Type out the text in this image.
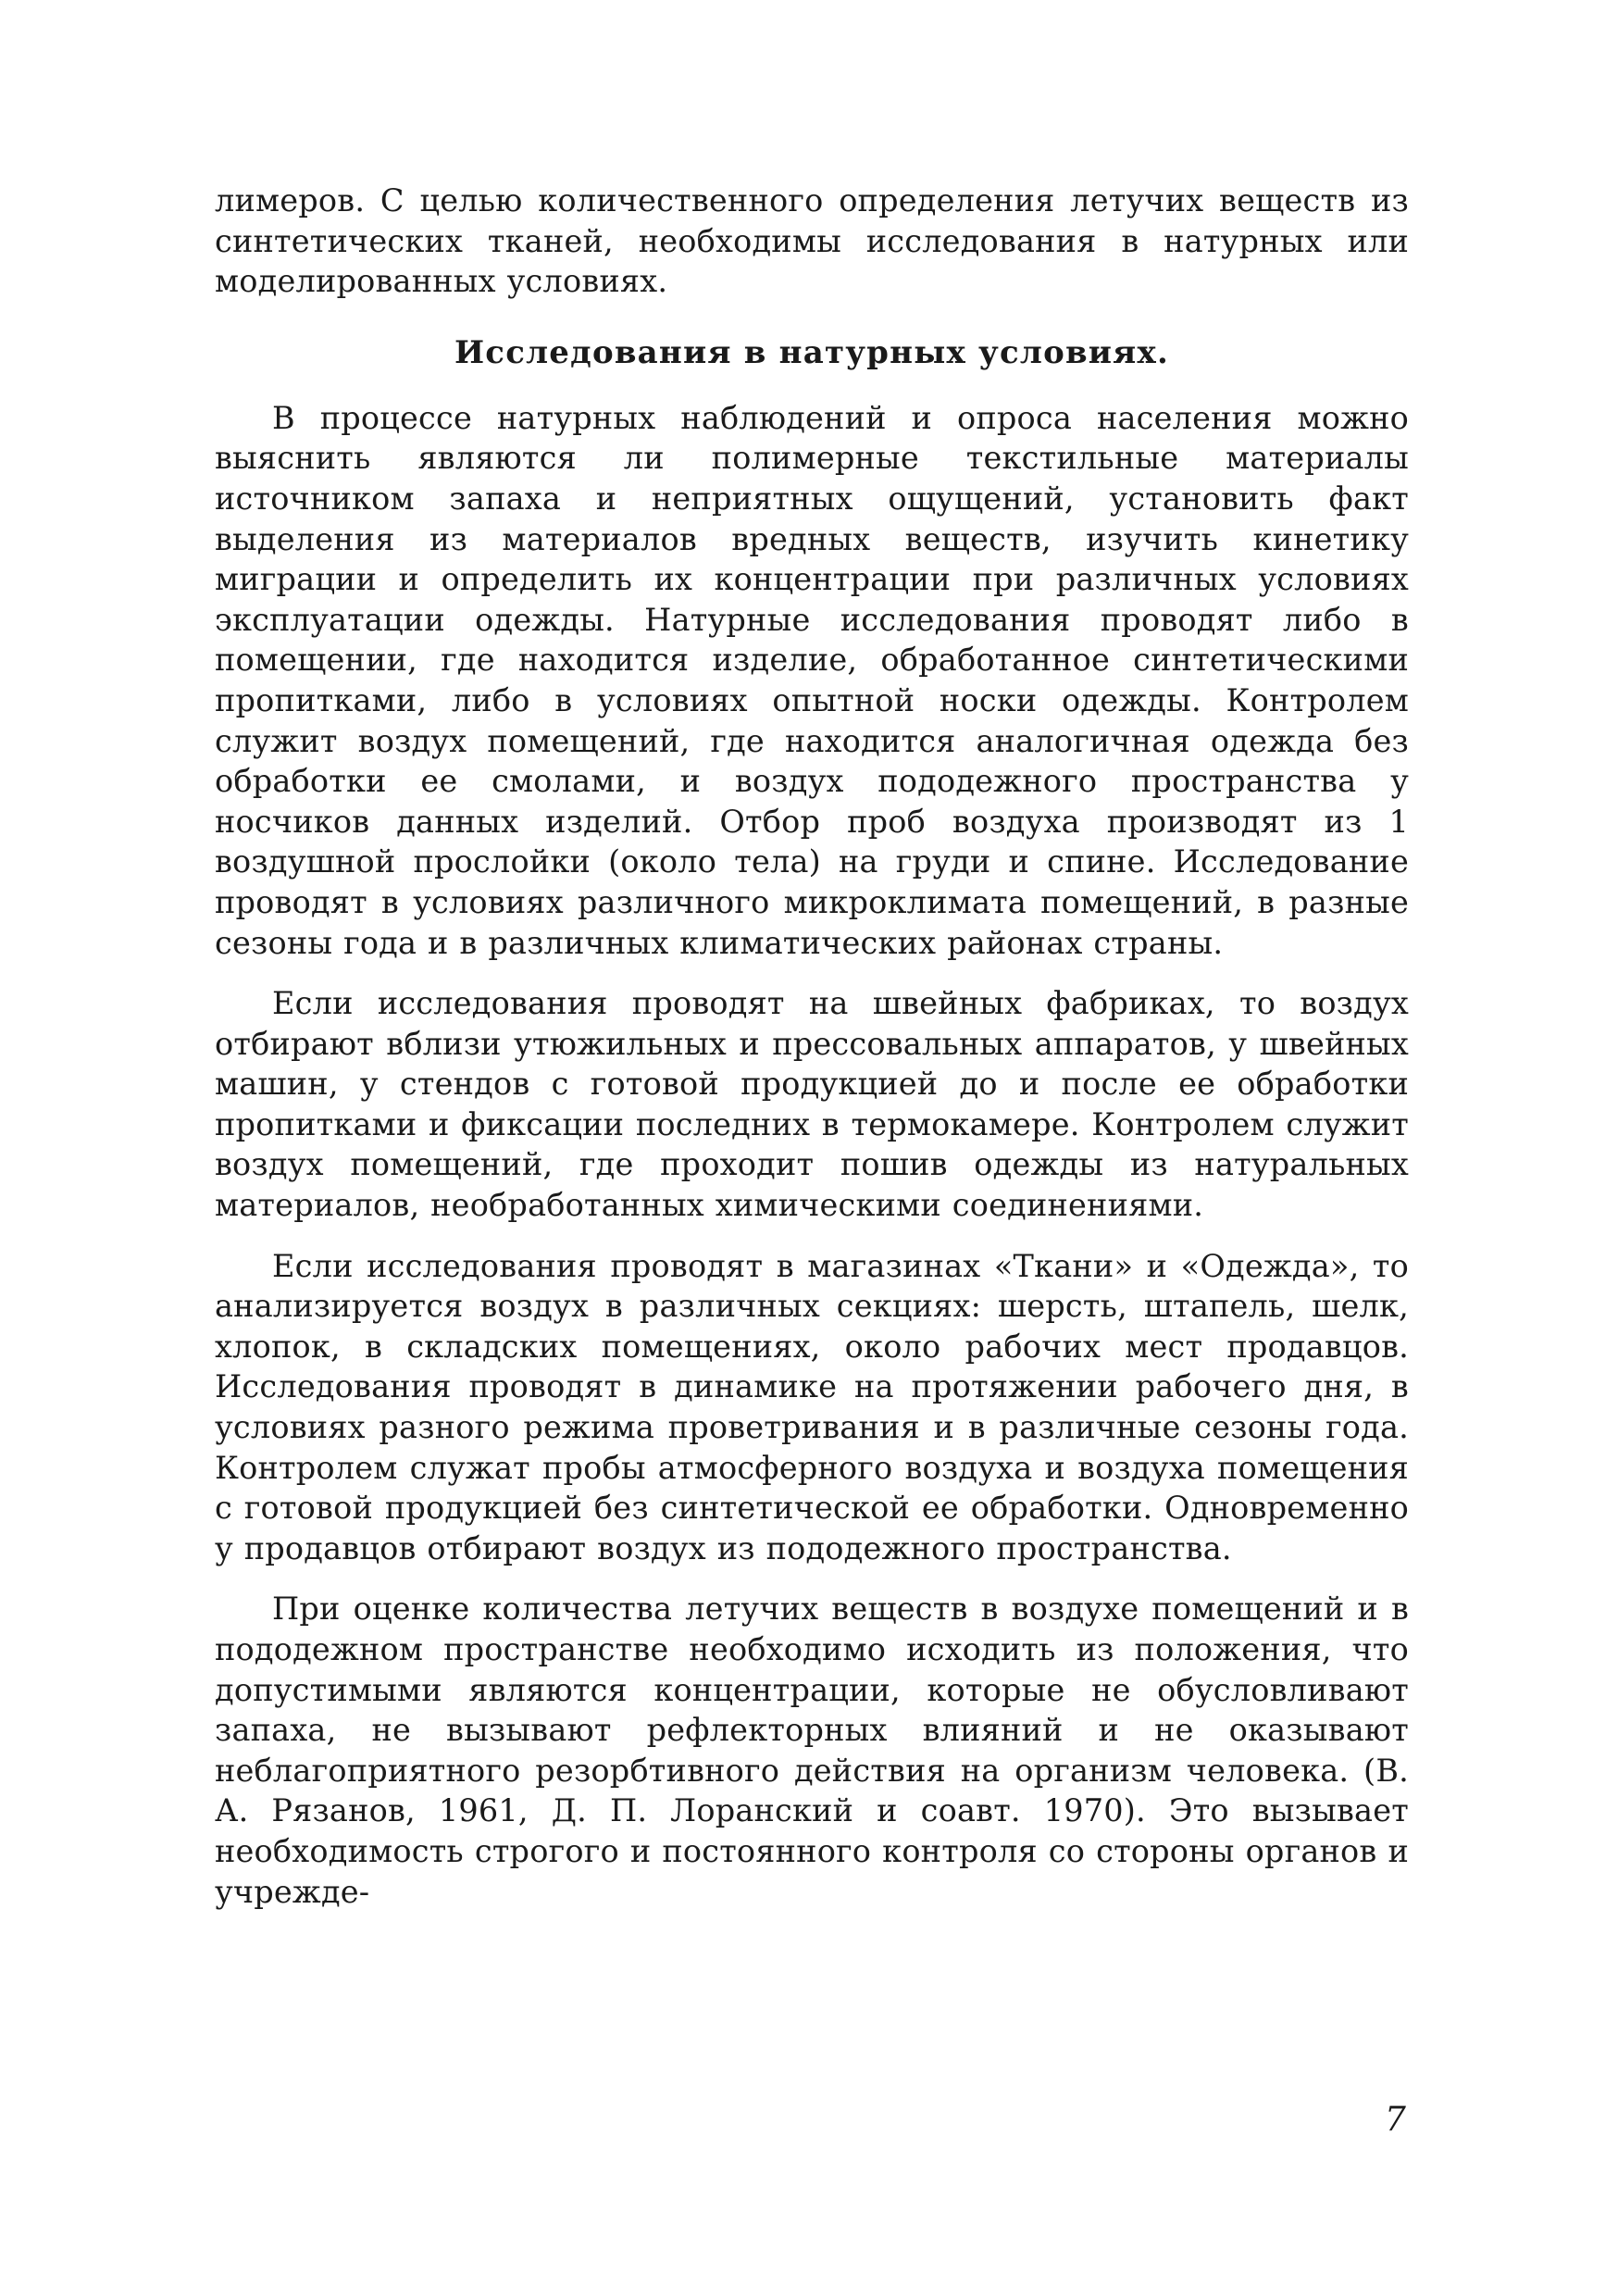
лимеров. С целью количественного определения летучих веществ из синтетических тканей, необходимы исследования в натурных или моделированных условиях.

Исследования в натурных условиях.

В процессе натурных наблюдений и опроса населения можно выяснить являются ли полимерные текстильные материалы источником запаха и неприятных ощущений, установить факт выделения из материалов вредных веществ, изучить кинетику миграции и определить их концентрации при различных условиях эксплуатации одежды. Натурные исследования проводят либо в помещении, где находится изделие, обработанное синтетическими пропитками, либо в условиях опытной носки одежды. Контролем служит воздух помещений, где находится аналогичная одежда без обработки ее смолами, и воздух пододежного пространства у носчиков данных изделий. Отбор проб воздуха производят из 1 воздушной прослойки (около тела) на груди и спине. Исследование проводят в условиях различного микроклимата помещений, в разные сезоны года и в различных климатических районах страны.

Если исследования проводят на швейных фабриках, то воздух отбирают вблизи утюжильных и прессовальных аппаратов, у швейных машин, у стендов с готовой продукцией до и после ее обработки пропитками и фиксации последних в термокамере. Контролем служит воздух помещений, где проходит пошив одежды из натуральных материалов, необработанных химическими соединениями.

Если исследования проводят в магазинах «Ткани» и «Одежда», то анализируется воздух в различных секциях: шерсть, штапель, шелк, хлопок, в складских помещениях, около рабочих мест продавцов. Исследования проводят в динамике на протяжении рабочего дня, в условиях разного режима проветривания и в различные сезоны года. Контролем служат пробы атмосферного воздуха и воздуха помещения с готовой продукцией без синтетической ее обработки. Одновременно у продавцов отбирают воздух из пододежного пространства.

При оценке количества летучих веществ в воздухе помещений и в пододежном пространстве необходимо исходить из положения, что допустимыми являются концентрации, которые не обусловливают запаха, не вызывают рефлекторных влияний и не оказывают неблагоприятного резорбтивного действия на организм человека. (В. А. Рязанов, 1961, Д. П. Лоранский и соавт. 1970). Это вызывает необходимость строгого и постоянного контроля со стороны органов и учрежде-

7
